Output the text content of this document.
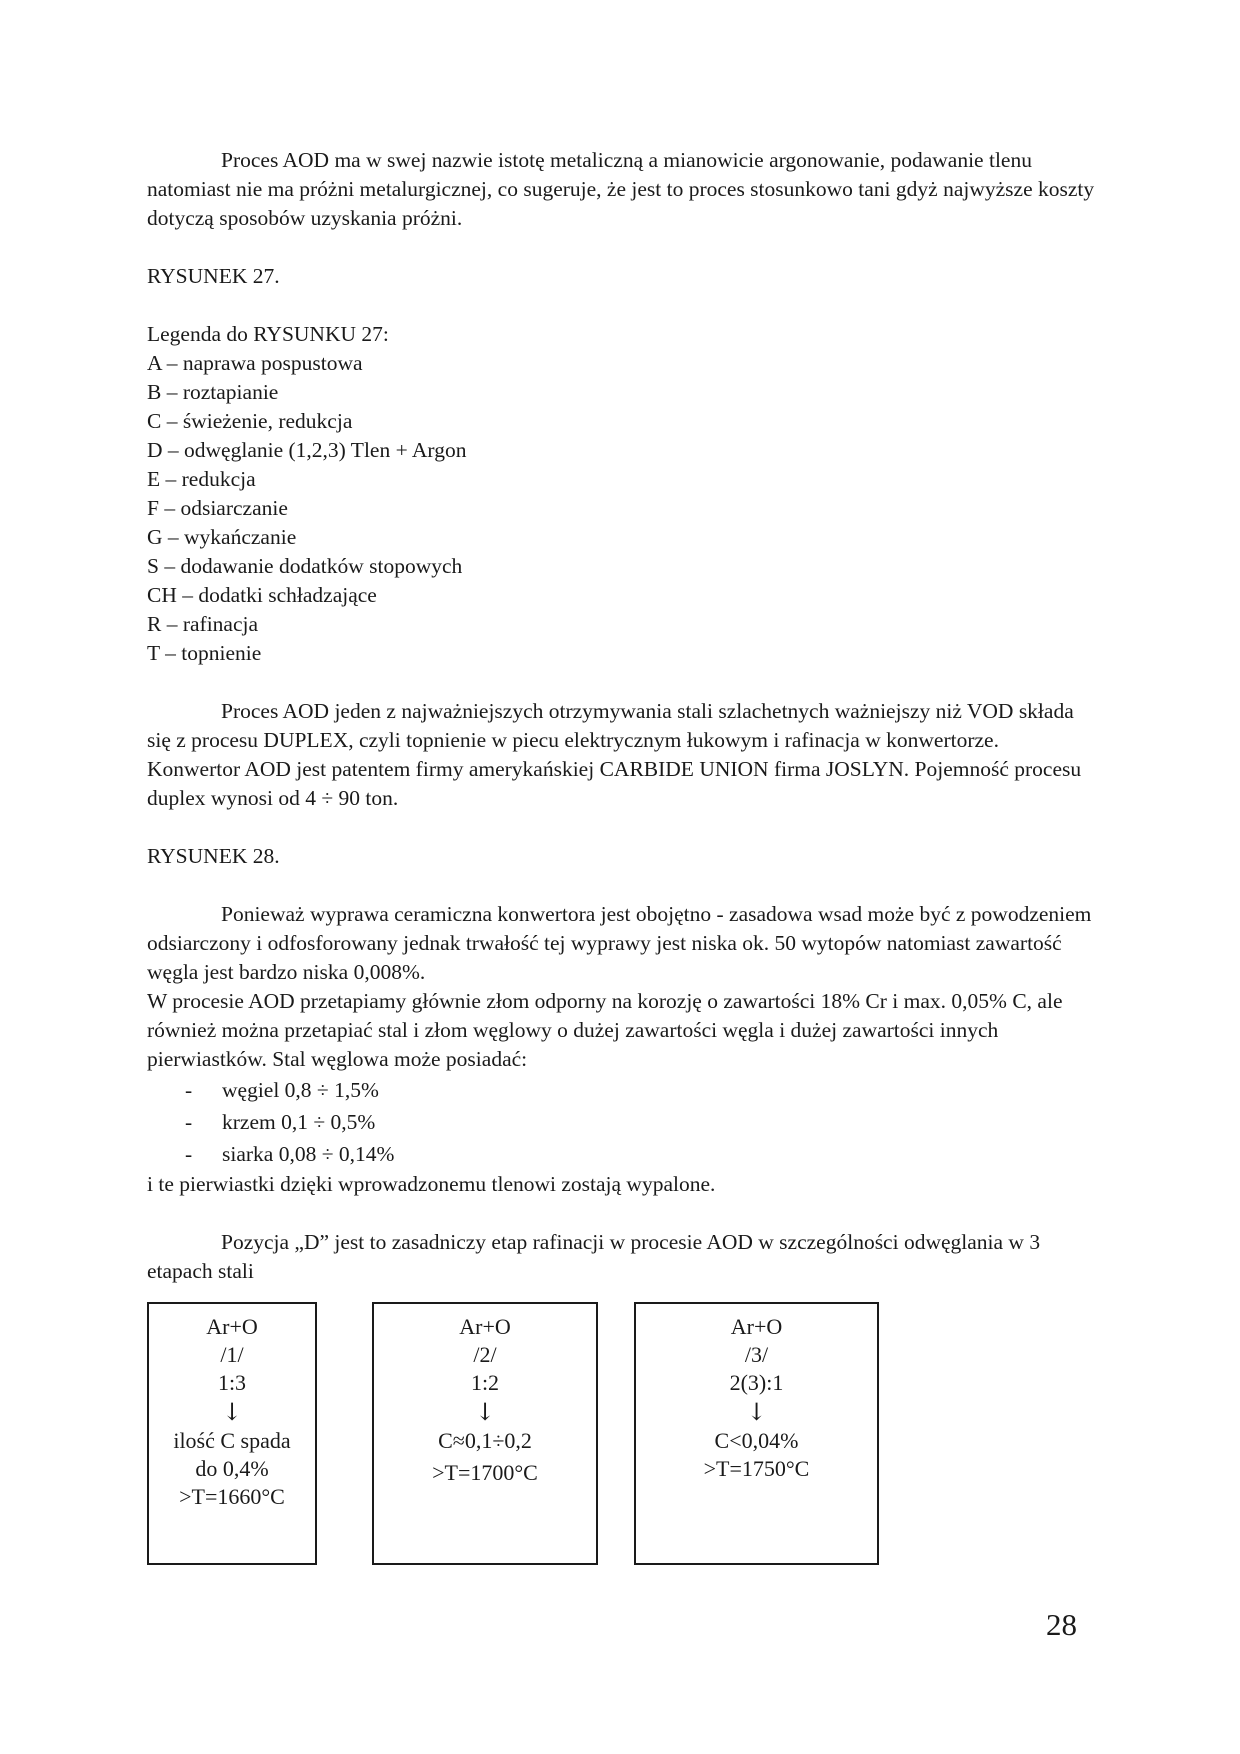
Proces AOD ma w swej nazwie istotę metaliczną a mianowicie argonowanie, podawanie tlenu natomiast nie ma próżni metalurgicznej, co sugeruje, że jest to proces stosunkowo tani gdyż najwyższe koszty dotyczą sposobów uzyskania próżni.

RYSUNEK 27.

Legenda do RYSUNKU 27:
A – naprawa pospustowa
B – roztapianie
C – świeżenie, redukcja
D – odwęglanie (1,2,3) Tlen + Argon
E – redukcja
F – odsiarczanie
G – wykańczanie
S – dodawanie dodatków stopowych
CH – dodatki schładzające
R – rafinacja
T – topnienie

Proces AOD jeden z najważniejszych otrzymywania stali szlachetnych ważniejszy niż VOD składa się z procesu DUPLEX, czyli topnienie w piecu elektrycznym łukowym i rafinacja w konwertorze. Konwertor AOD jest patentem firmy amerykańskiej CARBIDE UNION firma JOSLYN. Pojemność procesu duplex wynosi od 4 ÷ 90 ton.

RYSUNEK 28.

Ponieważ wyprawa ceramiczna konwertora jest obojętno - zasadowa wsad może być z powodzeniem odsiarczony i odfosforowany jednak trwałość tej wyprawy jest niska ok. 50 wytopów natomiast zawartość węgla jest bardzo niska 0,008%.

W procesie AOD przetapiamy głównie złom odporny na korozję o zawartości 18% Cr i max. 0,05% C, ale również można przetapiać stal i złom węglowy o dużej zawartości węgla i dużej zawartości innych pierwiastków. Stal węglowa może posiadać:

-	węgiel 0,8 ÷ 1,5%
-	krzem 0,1 ÷ 0,5%
-	siarka 0,08 ÷ 0,14%

i te pierwiastki dzięki wprowadzonemu tlenowi zostają wypalone.

Pozycja „D” jest to zasadniczy etap rafinacji w procesie AOD w szczególności odwęglania w 3 etapach stali

Ar+O
/1/
1:3
↓
ilość C spada
do 0,4%
>T=1660°C
Ar+O
/2/
1:2
↓
C≈0,1÷0,2
>T=1700°C
Ar+O
/3/
2(3):1
↓
C<0,04%
>T=1750°C
28
